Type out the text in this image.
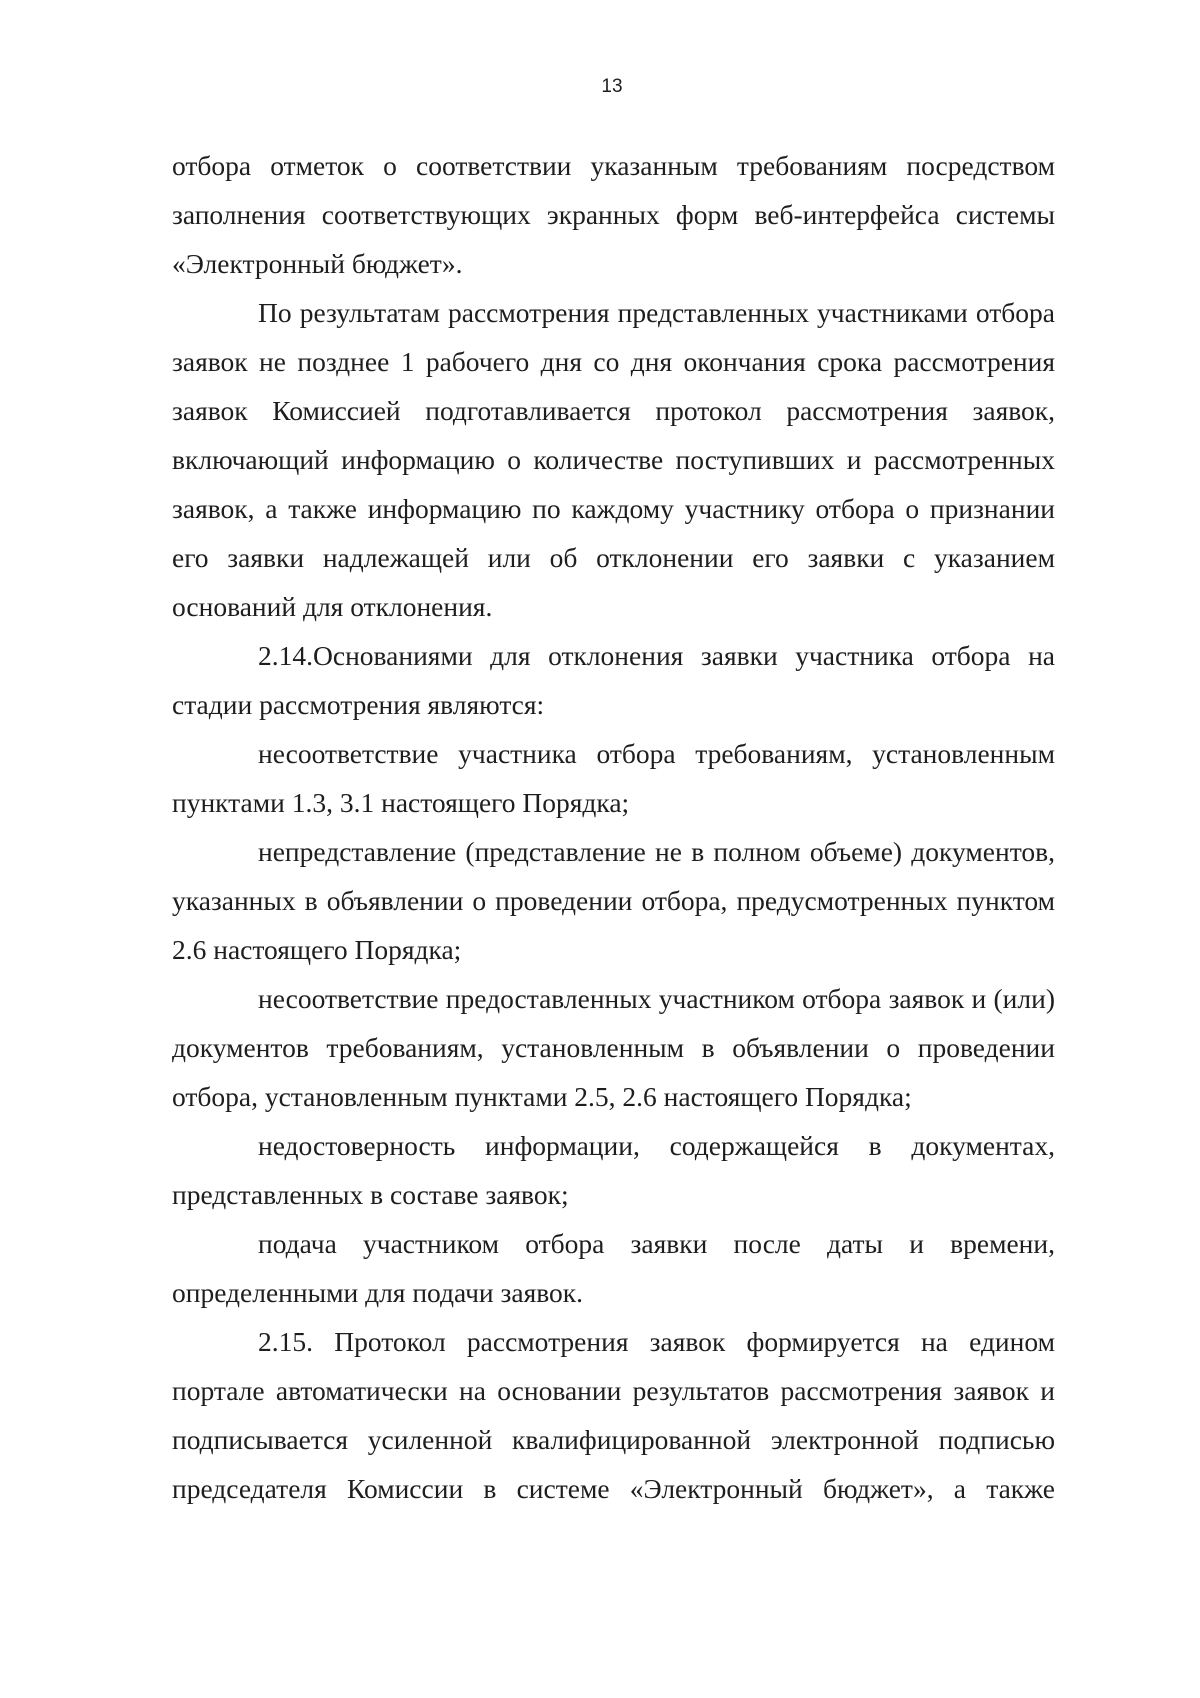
13

отбора отметок о соответствии указанным требованиям посредством заполнения соответствующих экранных форм веб-интерфейса системы «Электронный бюджет».

По результатам рассмотрения представленных участниками отбора заявок не позднее 1 рабочего дня со дня окончания срока рассмотрения заявок Комиссией подготавливается протокол рассмотрения заявок, включающий информацию о количестве поступивших и рассмотренных заявок, а также информацию по каждому участнику отбора о признании его заявки надлежащей или об отклонении его заявки с указанием оснований для отклонения.

2.14.Основаниями для отклонения заявки участника отбора на стадии рассмотрения являются:

несоответствие участника отбора требованиям, установленным пунктами 1.3, 3.1 настоящего Порядка;

непредставление (представление не в полном объеме) документов, указанных в объявлении о проведении отбора, предусмотренных пунктом 2.6 настоящего Порядка;

несоответствие предоставленных участником отбора заявок и (или) документов требованиям, установленным в объявлении о проведении отбора, установленным пунктами 2.5, 2.6 настоящего Порядка;

недостоверность информации, содержащейся в документах, представленных в составе заявок;

подача участником отбора заявки после даты и времени, определенными для подачи заявок.

2.15. Протокол рассмотрения заявок формируется на едином портале автоматически на основании результатов рассмотрения заявок и подписывается усиленной квалифицированной электронной подписью председателя Комиссии в системе «Электронный бюджет», а также
